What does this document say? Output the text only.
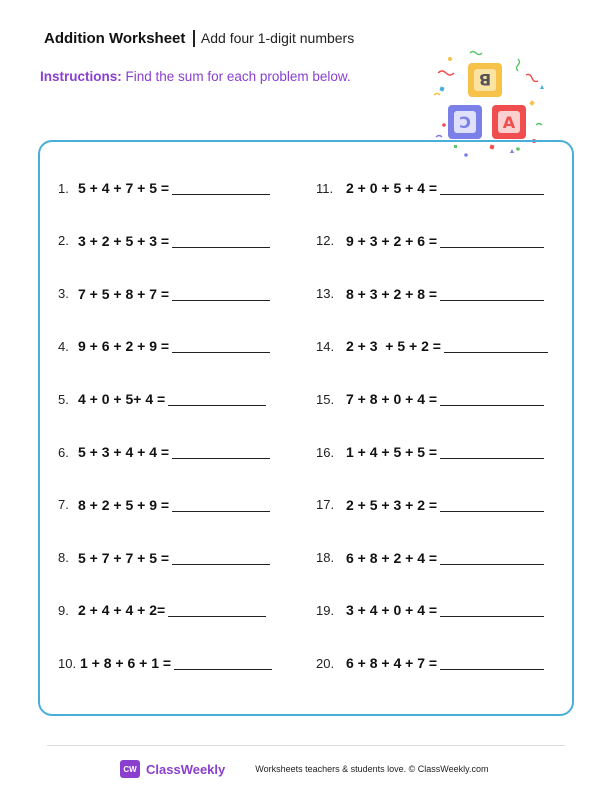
Addition Worksheet Add four 1-digit numbers
Instructions: Find the sum for each problem below.	B
C A
1. 5 + 4 + 7 + 5 =
2. 3 + 2 + 5 + 3 =
3. 7 + 5 + 8 + 7 =
4. 9 + 6 + 2 + 9 =
5. 4 + 0 + 5+ 4 =
6. 5 + 3 + 4 + 4 =
7. 8 + 2 + 5 + 9 =
8. 5 + 7 + 7 + 5 =
9. 2 + 4 + 4 + 2=
10. 1 + 8 + 6 + 1 =
11. 2 + 0 + 5 + 4 =
12. 9 + 3 + 2 + 6 =
13. 8 + 3 + 2 + 8 =
14. 2 + 3  + 5 + 2 =
15. 7 + 8 + 0 + 4 =
16. 1 + 4 + 5 + 5 =
17. 2 + 5 + 3 + 2 =
18. 6 + 8 + 2 + 4 =
19. 3 + 4 + 0 + 4 =
20. 6 + 8 + 4 + 7 =
CW ClassWeekly	Worksheets teachers & students love. © ClassWeekly.com
